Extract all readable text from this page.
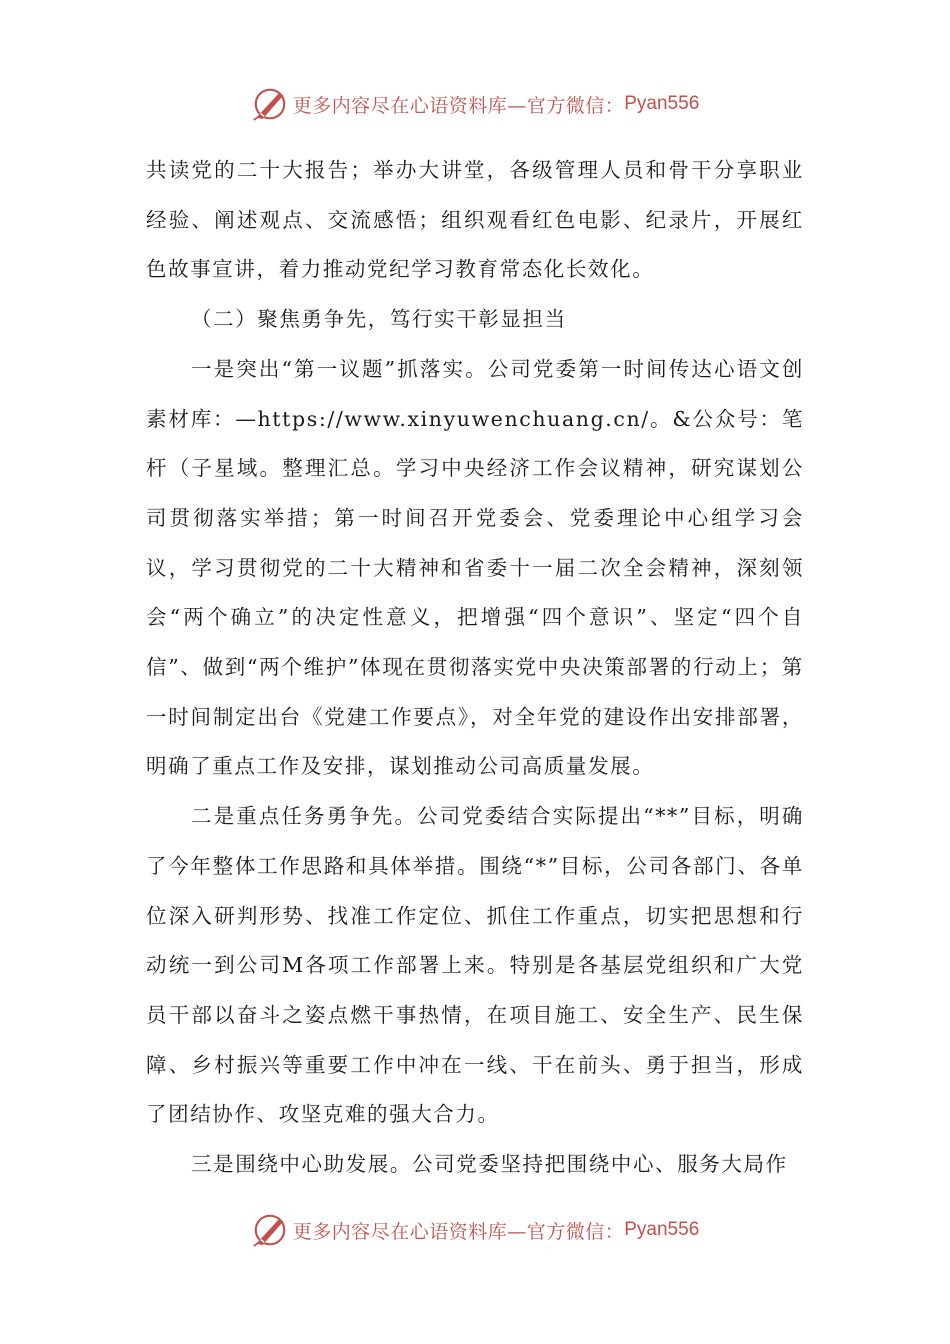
更多内容尽在心语资料库—官方微信： Pyan556

共读党的二十大报告；举办大讲堂，各级管理人员和骨干分享职业经验、阐述观点、交流感悟；组织观看红色电影、纪录片，开展红色故事宣讲，着力推动党纪学习教育常态化长效化。

（二）聚焦勇争先，笃行实干彰显担当

一是突出“第一议题”抓落实。公司党委第一时间传达心语文创素材库：—https://www.xinyuwenchuang.cn/。&公众号：笔杆（子星域。整理汇总。学习中央经济工作会议精神，研究谋划公司贯彻落实举措；第一时间召开党委会、党委理论中心组学习会议，学习贯彻党的二十大精神和省委十一届二次全会精神，深刻领会“两个确立”的决定性意义，把增强“四个意识”、坚定“四个自信”、做到“两个维护”体现在贯彻落实党中央决策部署的行动上；第一时间制定出台《党建工作要点》，对全年党的建设作出安排部署，明确了重点工作及安排，谋划推动公司高质量发展。

二是重点任务勇争先。公司党委结合实际提出“**”目标，明确了今年整体工作思路和具体举措。围绕“*”目标，公司各部门、各单位深入研判形势、找准工作定位、抓住工作重点，切实把思想和行动统一到公司M各项工作部署上来。特别是各基层党组织和广大党员干部以奋斗之姿点燃干事热情，在项目施工、安全生产、民生保障、乡村振兴等重要工作中冲在一线、干在前头、勇于担当，形成了团结协作、攻坚克难的强大合力。

三是围绕中心助发展。公司党委坚持把围绕中心、服务大局作

更多内容尽在心语资料库—官方微信： Pyan556
